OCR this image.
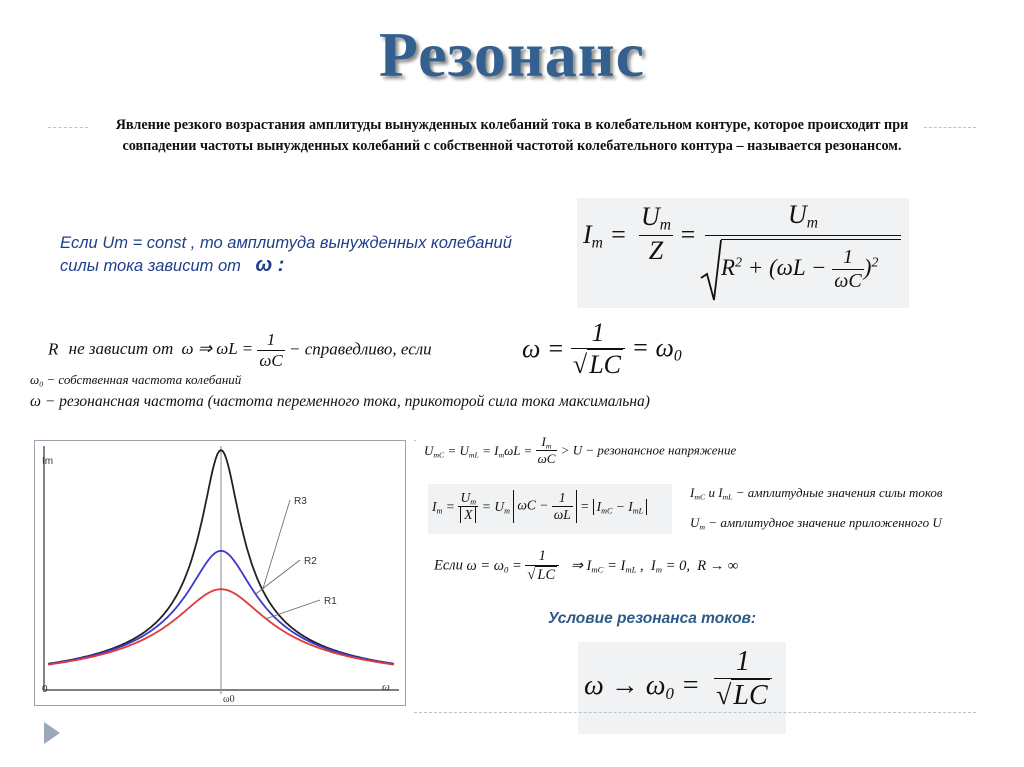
Резонанс
Явление резкого возрастания амплитуды вынужденных колебаний тока в колебательном контуре, которое происходит при совпадении частоты вынужденных колебаний с собственной частотой колебательного контура – называется резонансом.
Если Um = const , то амплитуда вынужденных колебаний
силы тока зависит от ω :
$I_m = \frac{U_m}{Z}$ =
$U_m$
$R^2 + (\omega L - \frac{1}{\omega C} )^2$
R не зависит от ω ⇒ $\omega L = \frac{1}{\omega C}$ − справедливо, если	$\omega = \frac{1}{√LC} = \omega_0$
$\omega_0$ − собственная частота колебаний
ω − резонансная частота (частота переменного тока, прикоторой сила тока максимальна)
R3
R2
R1
Im
ω
0
ω0
$U_{mC} = U_{mL} = I_m\omega L = \frac{I_m}{\omega C} > U$ − резонансное напряжение
$I_m = \frac{U_m}{X} = U_m$ $\omega C - \frac{1}{\omega L} = I_{mC} - I_{mL}$
$I_{mC}$ и $I_{mL}$ − амплитудные значения силы токов
$U_m$ − амплитудное значение приложенного U
Если $\omega = \omega_0 = \frac{1}{√ LC}$ ⇒ $I_{mC} = I_{mL}$ ,  $I_m = 0$,  R → ∞
Условие резонанса токов:
$\omega \to \omega_0 = \frac{1}{√LC}$
